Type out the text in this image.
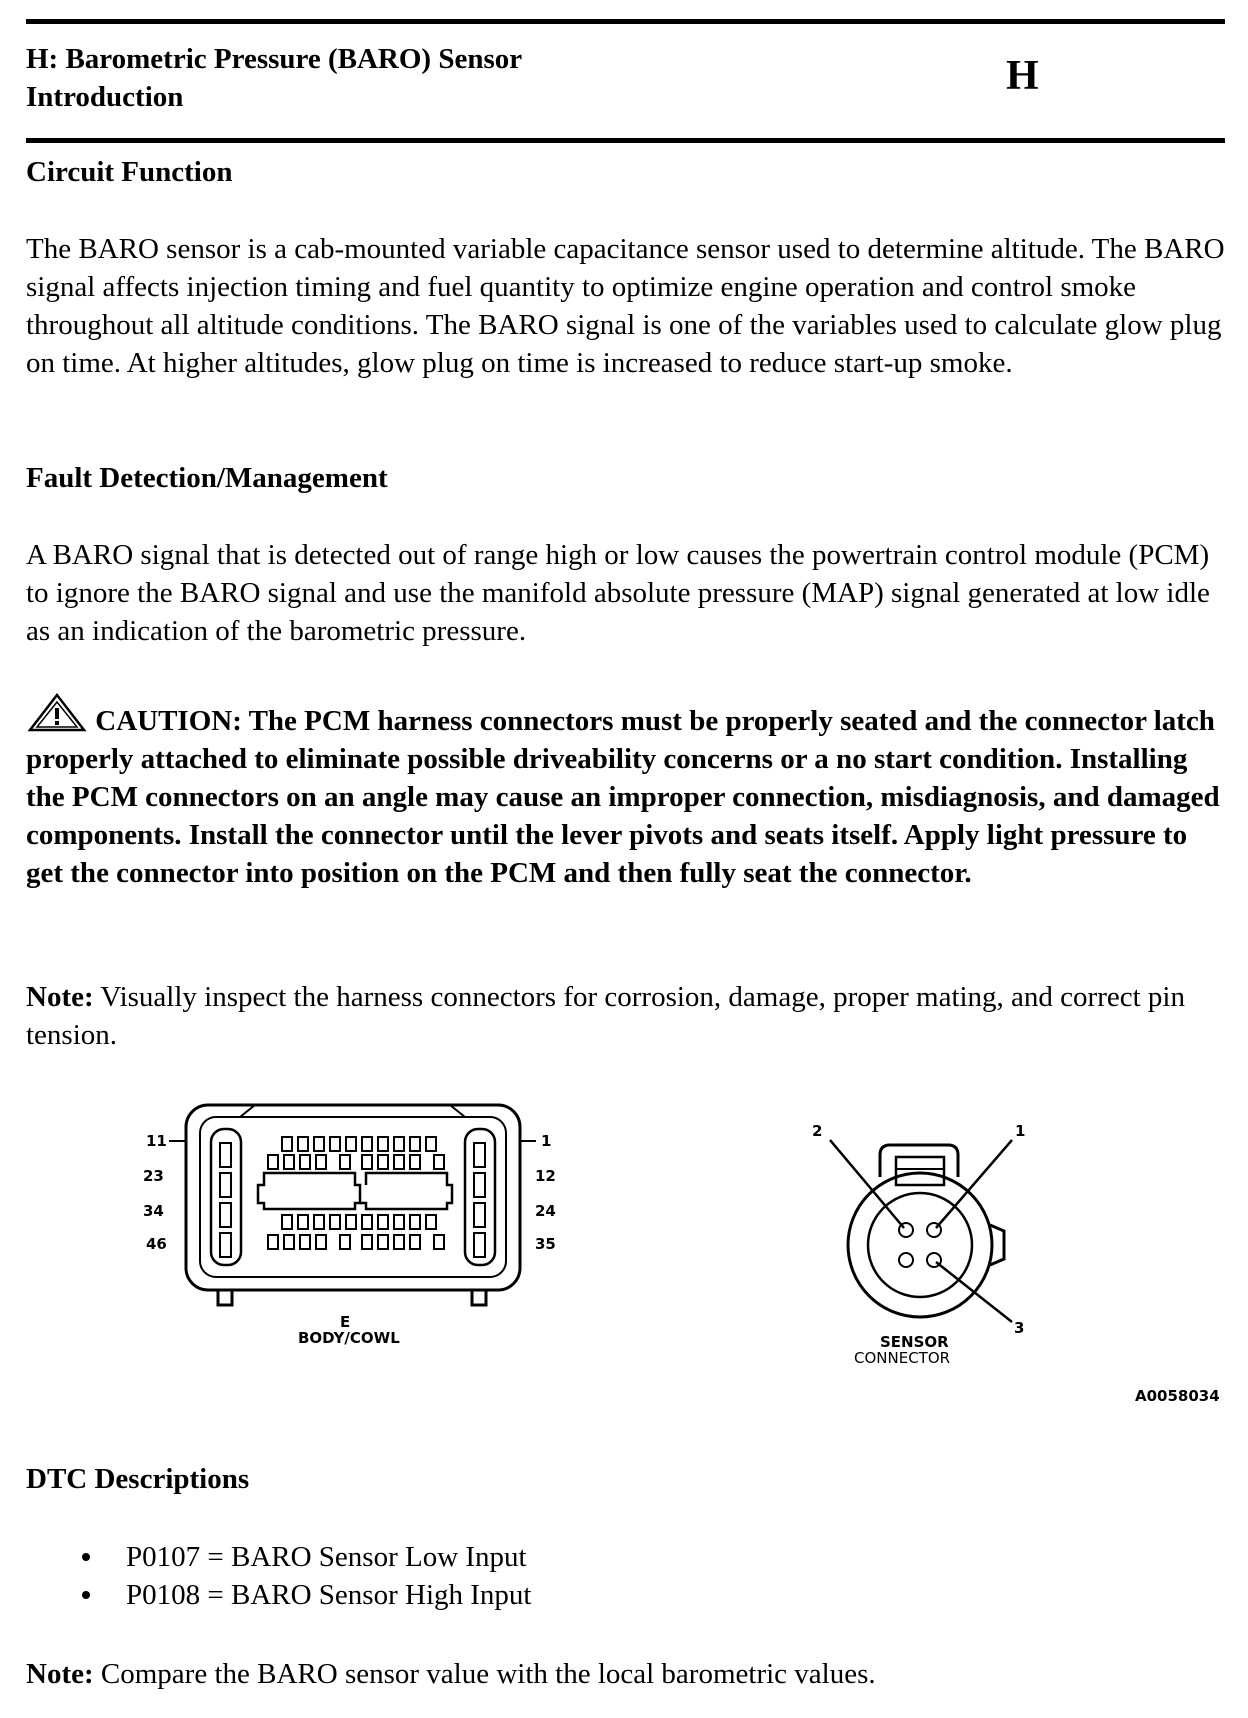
H: Barometric Pressure (BARO) Sensor
Introduction	H
Circuit Function
The BARO sensor is a cab-mounted variable capacitance sensor used to determine altitude. The BARO signal affects injection timing and fuel quantity to optimize engine operation and control smoke throughout all altitude conditions. The BARO signal is one of the variables used to calculate glow plug on time. At higher altitudes, glow plug on time is increased to reduce start-up smoke.
Fault Detection/Management
A BARO signal that is detected out of range high or low causes the powertrain control module (PCM) to ignore the BARO signal and use the manifold absolute pressure (MAP) signal generated at low idle as an indication of the barometric pressure.
CAUTION: The PCM harness connectors must be properly seated and the connector latch properly attached to eliminate possible driveability concerns or a no start condition. Installing the PCM connectors on an angle may cause an improper connection, misdiagnosis, and damaged components. Install the connector until the lever pivots and seats itself. Apply light pressure to get the connector into position on the PCM and then fully seat the connector.
Note: Visually inspect the harness connectors for corrosion, damage, proper mating, and correct pin tension.
11
23
34
46
1
12
24
35
E
BODY/COWL
2	1
3
SENSOR
CONNECTOR
A0058034
DTC Descriptions
P0107 = BARO Sensor Low Input
P0108 = BARO Sensor High Input
Note: Compare the BARO sensor value with the local barometric values.
